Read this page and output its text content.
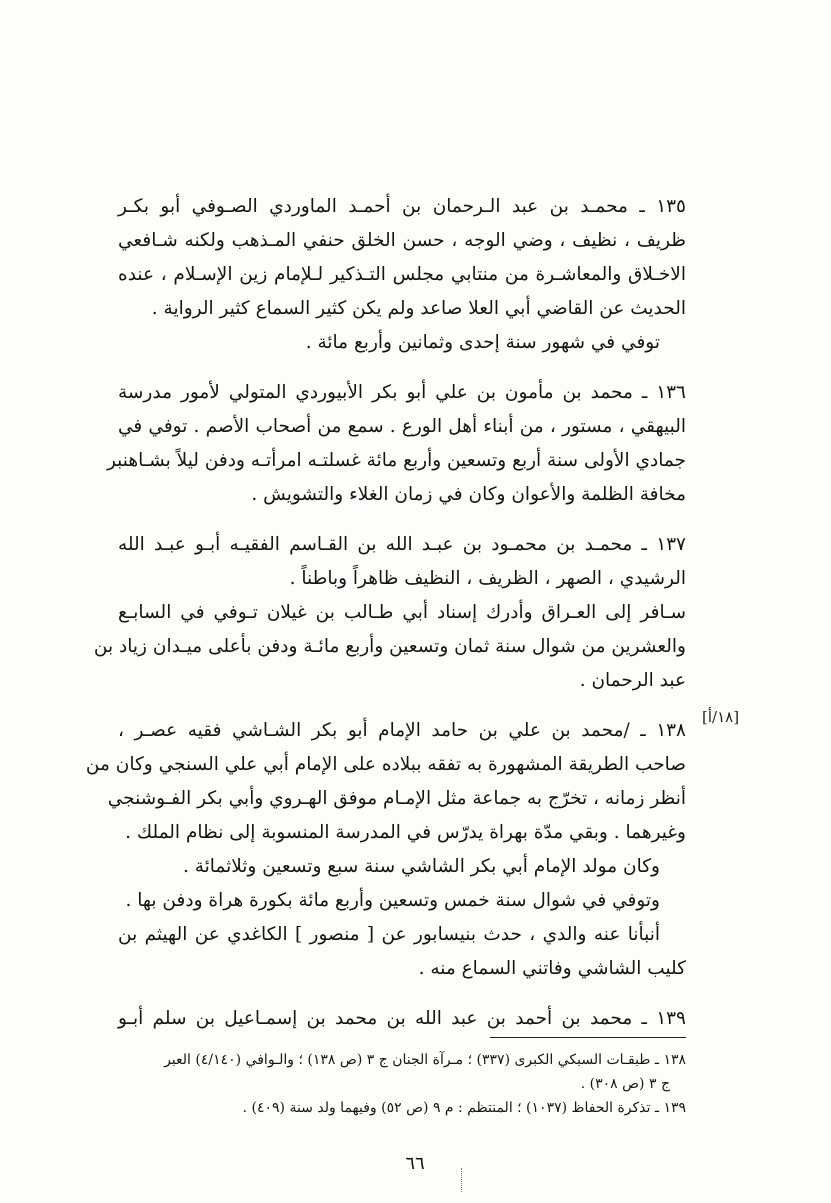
١٣٥ ـ محمـد بن عبد الـرحمان بن أحمـد الماوردي الصـوفي أبو بكـر
ظريف ، نظيف ، وضي الوجه ، حسن الخلق حنفي المـذهب ولكنه شـافعي
الاخـلاق والمعاشـرة من منتابي مجلس التـذكير لـلإمام زين الإسـلام ، عنده
الحديث عن القاضي أبي العلا صاعد ولم يكن كثير السماع كثير الرواية .
توفي في شهور سنة إحدى وثمانين وأربع مائة .
١٣٦ ـ محمد بن مأمون بن علي أبو بكر الأبيوردي المتولي لأمور مدرسة
البيهقي ، مستور ، من أبناء أهل الورع . سمع من أصحاب الأصم . توفي في
جمادي الأولى سنة أربع وتسعين وأربع مائة غسلتـه امرأتـه ودفن ليلاً بشـاهنبر
مخافة الظلمة والأعوان وكان في زمان الغلاء والتشويش .
١٣٧ ـ محمـد بن محمـود بن عبـد الله بن القـاسم الفقيـه أبـو عبـد الله
الرشيدي ، الصهر ، الظريف ، النظيف ظاهراً وباطناً .
سـافر إلى العـراق وأدرك إسناد أبي طـالب بن غيلان تـوفي في السابـع
والعشرين من شوال سنة ثمان وتسعين وأربع مائـة ودفن بأعلى ميـدان زياد بن
عبد الرحمان .
١٣٨ ـ /محمد بن علي بن حامد الإمام أبو بكر الشـاشي فقيه عصـر ،
صاحب الطريقة المشهورة به تفقه ببلاده على الإمام أبي علي السنجي وكان من
أنظر زمانه ، تخرّج به جماعة مثل الإمـام موفق الهـروي وأبي بكر الفـوشنجي
وغيرهما . وبقي مدّة بهراة يدرّس في المدرسة المنسوبة إلى نظام الملك .
وكان مولد الإمام أبي بكر الشاشي سنة سبع وتسعين وثلاثمائة .
وتوفي في شوال سنة خمس وتسعين وأربع مائة بكورة هراة ودفن بها .
أنبأنا عنه والدي ، حدث بنيسابور عن [ منصور ] الكاغدي عن الهيثم بن
كليب الشاشي وفاتني السماع منه .
١٣٩ ـ محمد بن أحمد بن عبد الله بن محمد بن إسمـاعيل بن سلم أبـو
[١٨/أ]
١٣٨ ـ طبقـات السبكي الكبرى (٣٣٧) ؛ مـرآة الجنان ج ٣ (ص ١٣٨) ؛ والـوافي (٤/١٤٠) العبر
ج ٣ (ص ٣٠٨) .
١٣٩ ـ تذكرة الحفاظ (١٠٣٧) ؛ المنتظم : م ٩ (ص ٥٢) وفيهما ولد سنة (٤٠٩) .
٦٦
